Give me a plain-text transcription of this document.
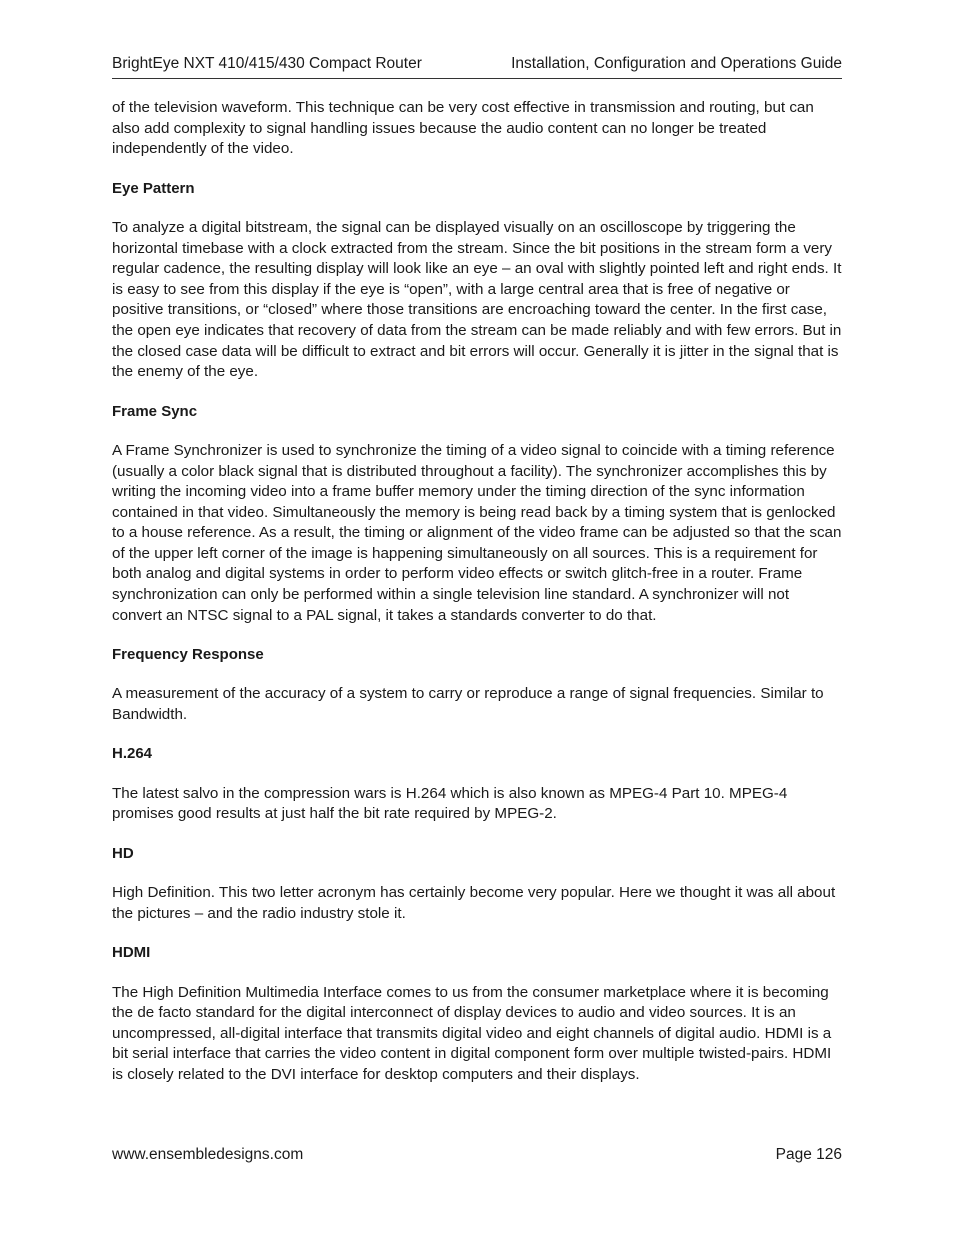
BrightEye NXT 410/415/430 Compact Router	Installation, Configuration and Operations Guide

of the television waveform. This technique can be very cost effective in transmission and routing, but can also add complexity to signal handling issues because the audio content can no longer be treated independently of the video.

Eye Pattern

To analyze a digital bitstream, the signal can be displayed visually on an oscilloscope by triggering the horizontal timebase with a clock extracted from the stream. Since the bit positions in the stream form a very regular cadence, the resulting display will look like an eye – an oval with slightly pointed left and right ends. It is easy to see from this display if the eye is “open”, with a large central area that is free of negative or positive transitions, or “closed” where those transitions are encroaching toward the center. In the first case, the open eye indicates that recovery of data from the stream can be made reliably and with few errors. But in the closed case data will be difficult to extract and bit errors will occur. Generally it is jitter in the signal that is the enemy of the eye.

Frame Sync

A Frame Synchronizer is used to synchronize the timing of a video signal to coincide with a timing reference (usually a color black signal that is distributed throughout a facility). The synchronizer accomplishes this by writing the incoming video into a frame buffer memory under the timing direction of the sync information contained in that video. Simultaneously the memory is being read back by a timing system that is genlocked to a house reference. As a result, the timing or alignment of the video frame can be adjusted so that the scan of the upper left corner of the image is happening simultaneously on all sources. This is a requirement for both analog and digital systems in order to perform video effects or switch glitch-free in a router. Frame synchronization can only be performed within a single television line standard. A synchronizer will not convert an NTSC signal to a PAL signal, it takes a standards converter to do that.

Frequency Response

A measurement of the accuracy of a system to carry or reproduce a range of signal frequencies. Similar to Bandwidth.

H.264

The latest salvo in the compression wars is H.264 which is also known as MPEG-4 Part 10. MPEG-4 promises good results at just half the bit rate required by MPEG-2.

HD

High Definition. This two letter acronym has certainly become very popular. Here we thought it was all about the pictures – and the radio industry stole it.

HDMI

The High Definition Multimedia Interface comes to us from the consumer marketplace where it is becoming the de facto standard for the digital interconnect of display devices to audio and video sources. It is an uncompressed, all-digital interface that transmits digital video and eight channels of digital audio. HDMI is a bit serial interface that carries the video content in digital component form over multiple twisted-pairs. HDMI is closely related to the DVI interface for desktop computers and their displays.

www.ensembledesigns.com	Page 126
